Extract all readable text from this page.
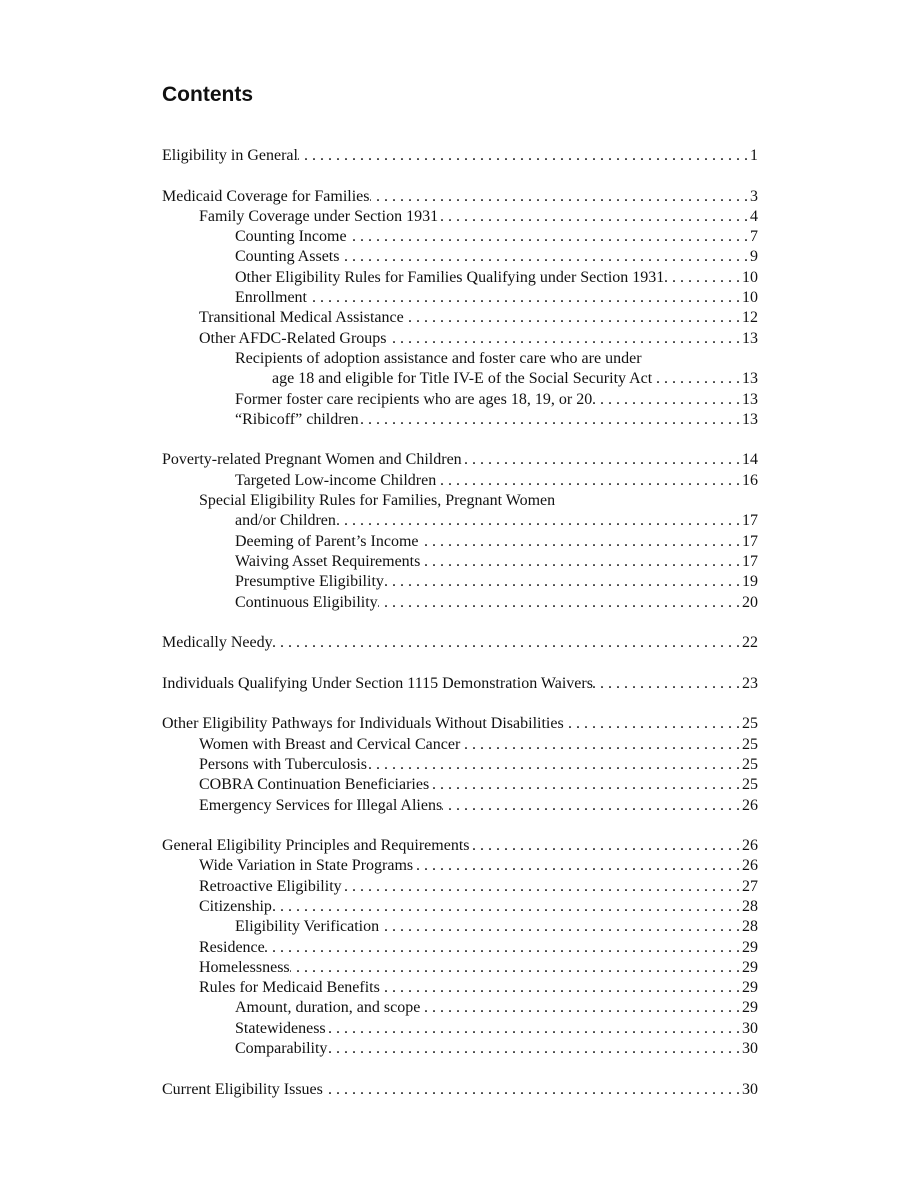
Contents
Eligibility in General . . .	1
Medicaid Coverage for Families . . .	3
Family Coverage under Section 1931 . . .	4
Counting Income . . .	7
Counting Assets . . .	9
Other Eligibility Rules for Families Qualifying under Section 1931 . . .	10
Enrollment . . .	10
Transitional Medical Assistance . . .	12
Other AFDC-Related Groups . . .	13
Recipients of adoption assistance and foster care who are under
age 18 and eligible for Title IV-E of the Social Security Act . . .	13
Former foster care recipients who are ages 18, 19, or 20 . . .	13
“Ribicoff” children . . .	13
Poverty-related Pregnant Women and Children . . .	14
Targeted Low-income Children . . .	16
Special Eligibility Rules for Families, Pregnant Women
and/or Children . . .	17
Deeming of Parent’s Income . . .	17
Waiving Asset Requirements . . .	17
Presumptive Eligibility . . .	19
Continuous Eligibility . . .	20
Medically Needy . . .	22
Individuals Qualifying Under Section 1115 Demonstration Waivers . . .	23
Other Eligibility Pathways for Individuals Without Disabilities . . .	25
Women with Breast and Cervical Cancer . . .	25
Persons with Tuberculosis . . .	25
COBRA Continuation Beneficiaries . . .	25
Emergency Services for Illegal Aliens . . .	26
General Eligibility Principles and Requirements . . .	26
Wide Variation in State Programs . . .	26
Retroactive Eligibility . . .	27
Citizenship . . .	28
Eligibility Verification . . .	28
Residence . . .	29
Homelessness . . .	29
Rules for Medicaid Benefits . . .	29
Amount, duration, and scope . . .	29
Statewideness . . .	30
Comparability . . .	30
Current Eligibility Issues . . .	30
